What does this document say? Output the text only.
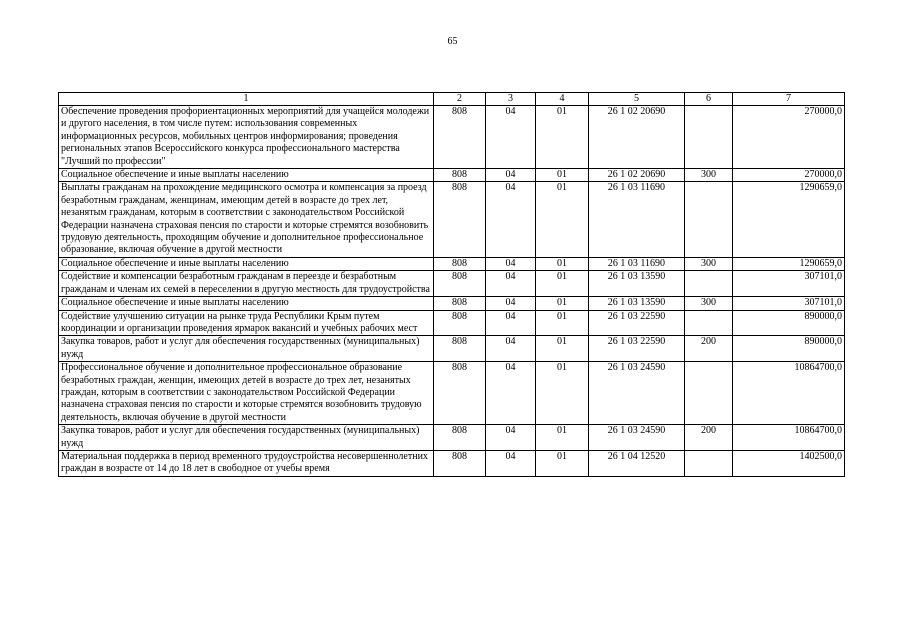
65
1	2	3	4	5	6	7
Обеспечение проведения профориентационных мероприятий для учащейся молодежи и другого населения, в том числе путем: использования современных информационных ресурсов, мобильных центров информирования; проведения региональных этапов Всероссийского конкурса профессионального мастерства "Лучший по профессии"	808	04	01	26 1 02 20690		270000,0
Социальное обеспечение и иные выплаты населению	808	04	01	26 1 02 20690	300	270000,0
Выплаты гражданам на прохождение медицинского осмотра и компенсация за проезд безработным гражданам, женщинам, имеющим детей в возрасте до трех лет, незанятым гражданам, которым в соответствии с законодательством Российской Федерации назначена страховая пенсия по старости и которые стремятся возобновить трудовую деятельность, проходящим обучение и дополнительное профессиональное образование, включая обучение в другой местности	808	04	01	26 1 03 11690		1290659,0
Социальное обеспечение и иные выплаты населению	808	04	01	26 1 03 11690	300	1290659,0
Содействие и компенсации безработным гражданам в переезде и безработным гражданам и членам их семей в переселении в другую местность для трудоустройства	808	04	01	26 1 03 13590		307101,0
Социальное обеспечение и иные выплаты населению	808	04	01	26 1 03 13590	300	307101,0
Содействие улучшению ситуации на рынке труда Республики Крым путем координации и организации проведения ярмарок вакансий и учебных рабочих мест	808	04	01	26 1 03 22590		890000,0
Закупка товаров, работ и услуг для обеспечения государственных (муниципальных) нужд	808	04	01	26 1 03 22590	200	890000,0
Профессиональное обучение и дополнительное профессиональное образование безработных граждан, женщин, имеющих детей в возрасте до трех лет, незанятых граждан, которым в соответствии с законодательством Российской Федерации назначена страховая пенсия по старости и которые стремятся возобновить трудовую деятельность, включая обучение в другой местности	808	04	01	26 1 03 24590		10864700,0
Закупка товаров, работ и услуг для обеспечения государственных (муниципальных) нужд	808	04	01	26 1 03 24590	200	10864700,0
Материальная поддержка в период временного трудоустройства несовершеннолетних граждан в возрасте от 14 до 18 лет в свободное от учебы время	808	04	01	26 1 04 12520		1402500,0
